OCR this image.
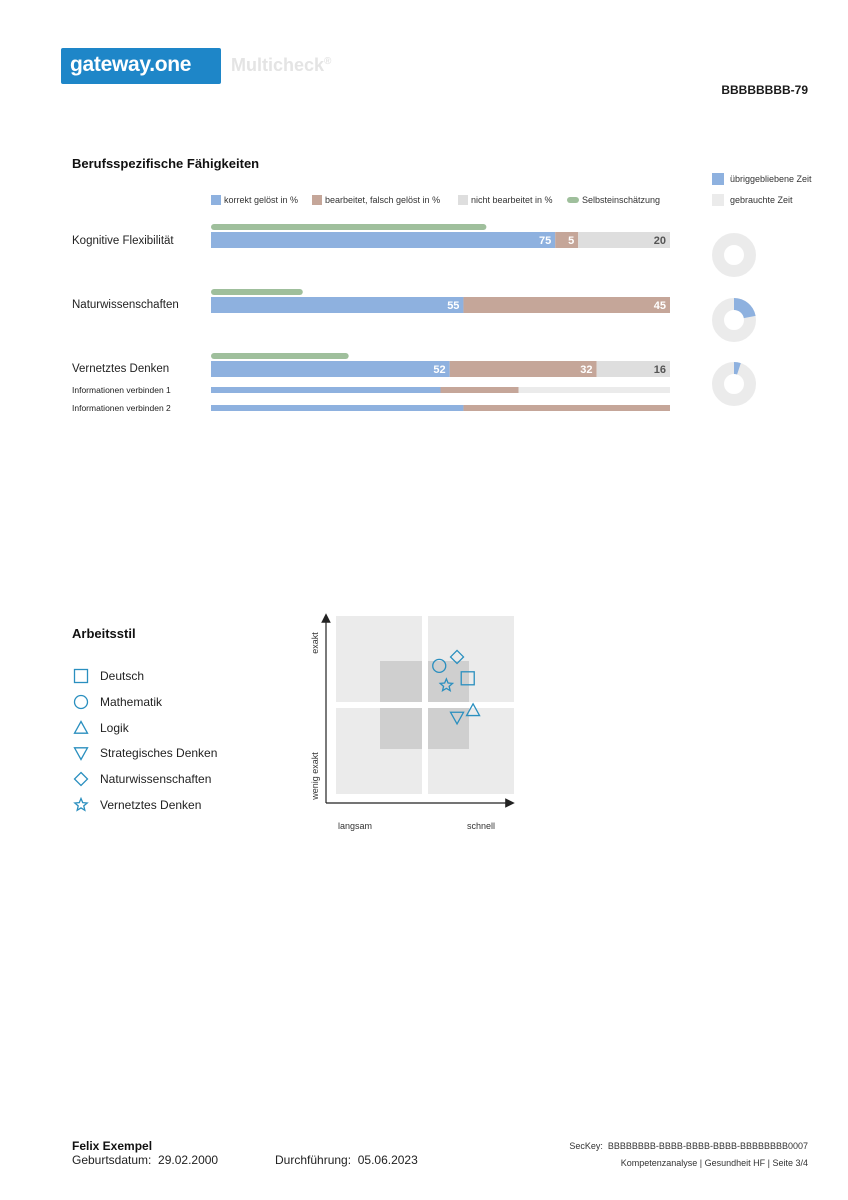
gateway.one Multicheck®
BBBBBBBB-79
Berufsspezifische Fähigkeiten
korrekt gelöst in %	bearbeitet, falsch gelöst in %	nicht bearbeitet in %	Selbsteinschätzung
übriggebliebene Zeit
gebrauchte Zeit
Kognitive Flexibilität
Naturwissenschaften
Vernetztes Denken
Informationen verbinden 1
Informationen verbinden 2
75 5	20
55	45
52	32	16
Arbeitsstil
Deutsch
Mathematik
Logik
Strategisches Denken
Naturwissenschaften
Vernetztes Denken
exakt
wenig exakt
langsam	schnell
Felix Exempel
Geburtsdatum: 29.02.2000	Durchführung: 05.06.2023
SecKey: BBBBBBBB-BBBB-BBBB-BBBB-BBBBBBBB0007
Kompetenzanalyse | Gesundheit HF | Seite 3/4
